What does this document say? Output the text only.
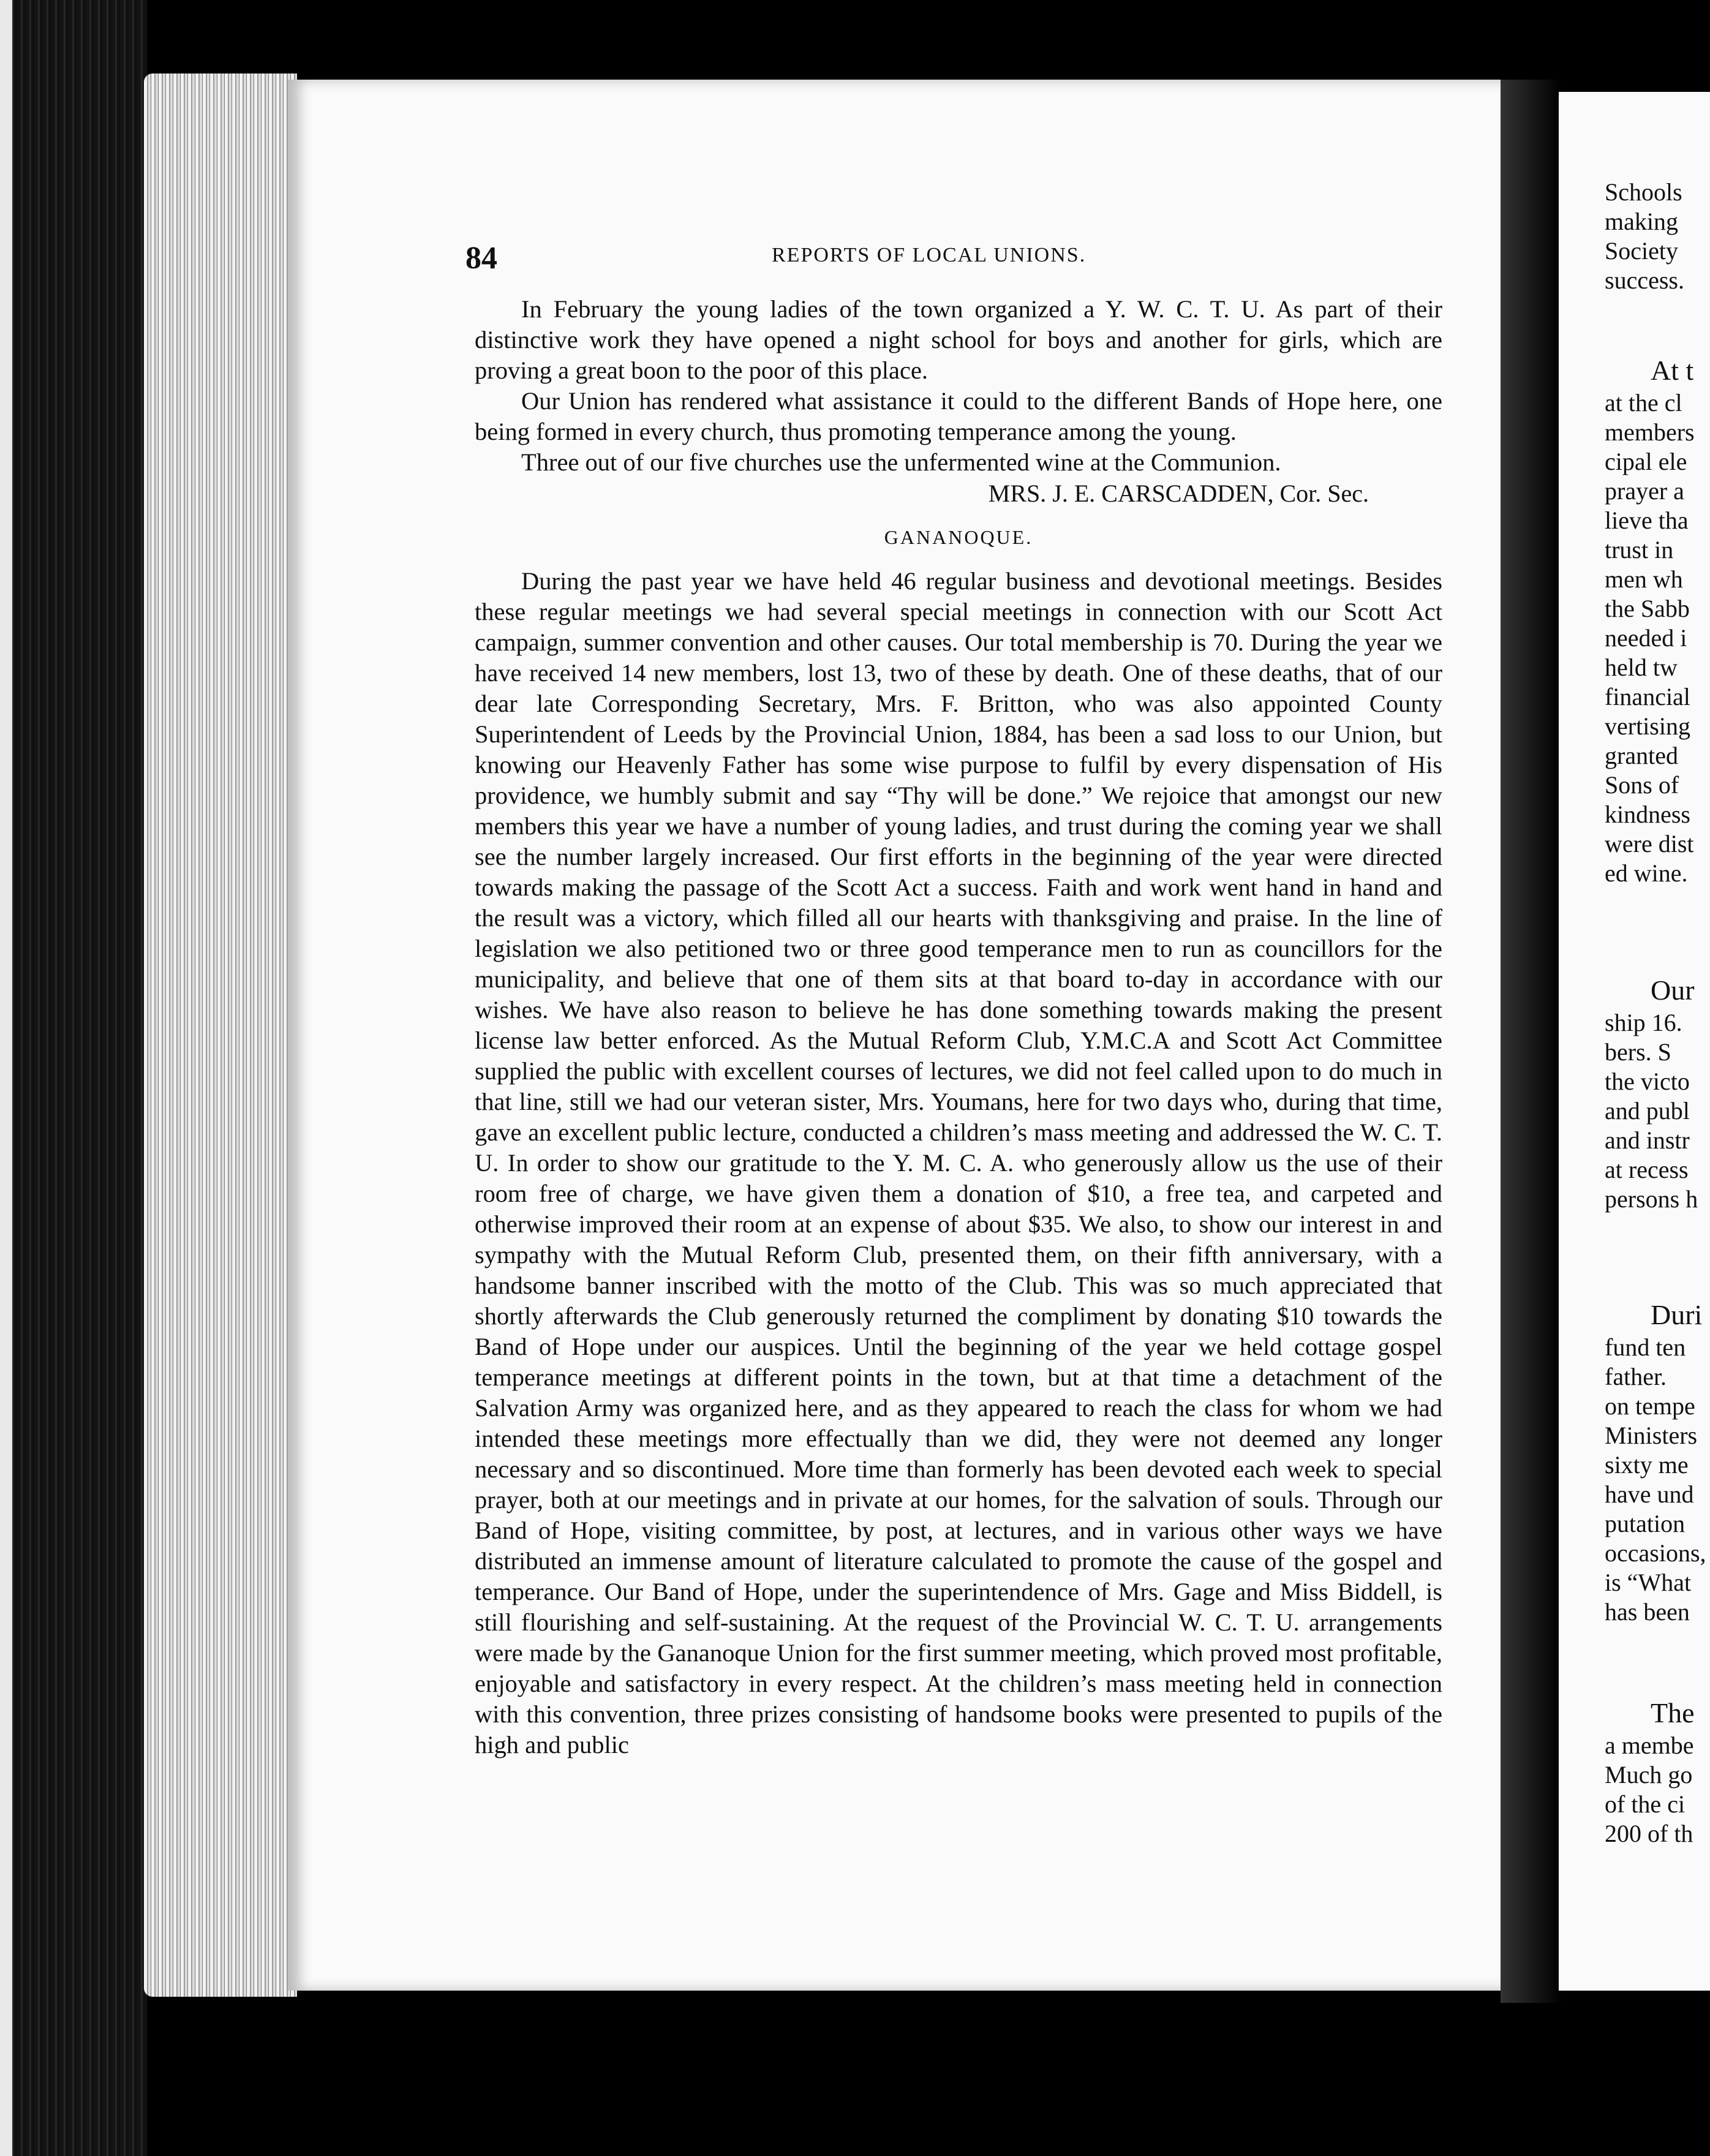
84	REPORTS OF LOCAL UNIONS.

In February the young ladies of the town organized a Y. W. C. T. U. As part of their distinctive work they have opened a night school for boys and another for girls, which are proving a great boon to the poor of this place.

Our Union has rendered what assistance it could to the different Bands of Hope here, one being formed in every church, thus promoting temperance among the young.

Three out of our five churches use the unfermented wine at the Communion.

MRS. J. E. CARSCADDEN, Cor. Sec.
GANANOQUE.

During the past year we have held 46 regular business and devotional meetings. Besides these regular meetings we had several special meetings in connection with our Scott Act campaign, summer convention and other causes. Our total membership is 70. During the year we have received 14 new members, lost 13, two of these by death. One of these deaths, that of our dear late Corresponding Secretary, Mrs. F. Britton, who was also appointed County Superintendent of Leeds by the Provincial Union, 1884, has been a sad loss to our Union, but knowing our Heavenly Father has some wise purpose to fulfil by every dispensation of His providence, we humbly submit and say “Thy will be done.” We rejoice that amongst our new members this year we have a number of young ladies, and trust during the coming year we shall see the number largely increased. Our first efforts in the beginning of the year were directed towards making the passage of the Scott Act a success. Faith and work went hand in hand and the result was a victory, which filled all our hearts with thanksgiving and praise. In the line of legislation we also petitioned two or three good temperance men to run as councillors for the municipality, and believe that one of them sits at that board to-day in accordance with our wishes. We have also reason to believe he has done something towards making the present license law better enforced. As the Mutual Reform Club, Y.M.C.A and Scott Act Committee supplied the public with excellent courses of lectures, we did not feel called upon to do much in that line, still we had our veteran sister, Mrs. Youmans, here for two days who, during that time, gave an excellent public lecture, conducted a children’s mass meeting and addressed the W. C. T. U. In order to show our gratitude to the Y. M. C. A. who generously allow us the use of their room free of charge, we have given them a donation of $10, a free tea, and carpeted and otherwise improved their room at an expense of about $35. We also, to show our interest in and sympathy with the Mutual Reform Club, presented them, on their fifth anniversary, with a handsome banner inscribed with the motto of the Club. This was so much appreciated that shortly afterwards the Club generously returned the compliment by donating $10 towards the Band of Hope under our auspices. Until the beginning of the year we held cottage gospel temperance meetings at different points in the town, but at that time a detachment of the Salvation Army was organized here, and as they appeared to reach the class for whom we had intended these meetings more effectually than we did, they were not deemed any longer necessary and so discontinued. More time than formerly has been devoted each week to special prayer, both at our meetings and in private at our homes, for the salvation of souls. Through our Band of Hope, visiting committee, by post, at lectures, and in various other ways we have distributed an immense amount of literature calculated to promote the cause of the gospel and temperance. Our Band of Hope, under the superintendence of Mrs. Gage and Miss Biddell, is still flourishing and self-sustaining. At the request of the Provincial W. C. T. U. arrangements were made by the Gananoque Union for the first summer meeting, which proved most profitable, enjoyable and satisfactory in every respect. At the children’s mass meeting held in connection with this convention, three prizes consisting of handsome books were presented to pupils of the high and public

Schools
making
Society
success.
At t
at the cl
members
cipal ele
prayer a
lieve tha
trust in
men wh
the Sabb
needed i
held tw
financial
vertising
granted
Sons of
kindness
were dist
ed wine.
Our
ship 16.
bers. S
the victo
and publ
and instr
at recess
persons h
Duri
fund ten
father.
on tempe
Ministers
sixty me
have und
putation
occasions,
is “What
has been
The
a membe
Much go
of the ci
200 of th
